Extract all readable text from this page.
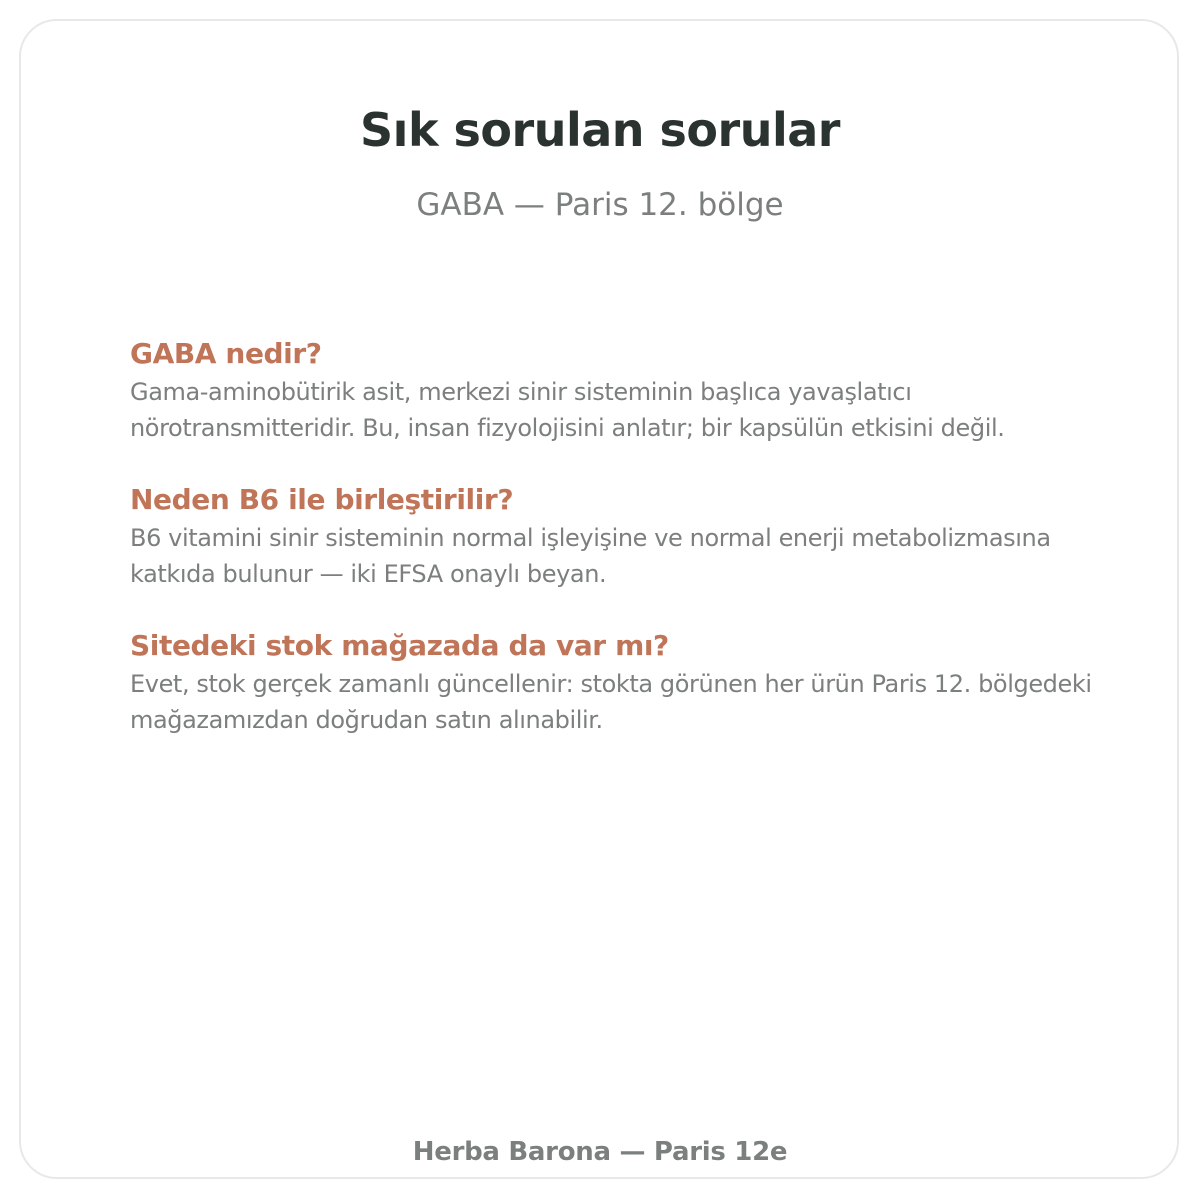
Sık sorulan sorular

GABA — Paris 12. bölge

GABA nedir?

Gama-aminobütirik asit, merkezi sinir sisteminin başlıca yavaşlatıcı nörotransmitteridir. Bu, insan fizyolojisini anlatır; bir kapsülün etkisini değil.

Neden B6 ile birleştirilir?

B6 vitamini sinir sisteminin normal işleyişine ve normal enerji metabolizmasına katkıda bulunur — iki EFSA onaylı beyan.

Sitedeki stok mağazada da var mı?

Evet, stok gerçek zamanlı güncellenir: stokta görünen her ürün Paris 12. bölgedeki mağazamızdan doğrudan satın alınabilir.

Herba Barona — Paris 12e
